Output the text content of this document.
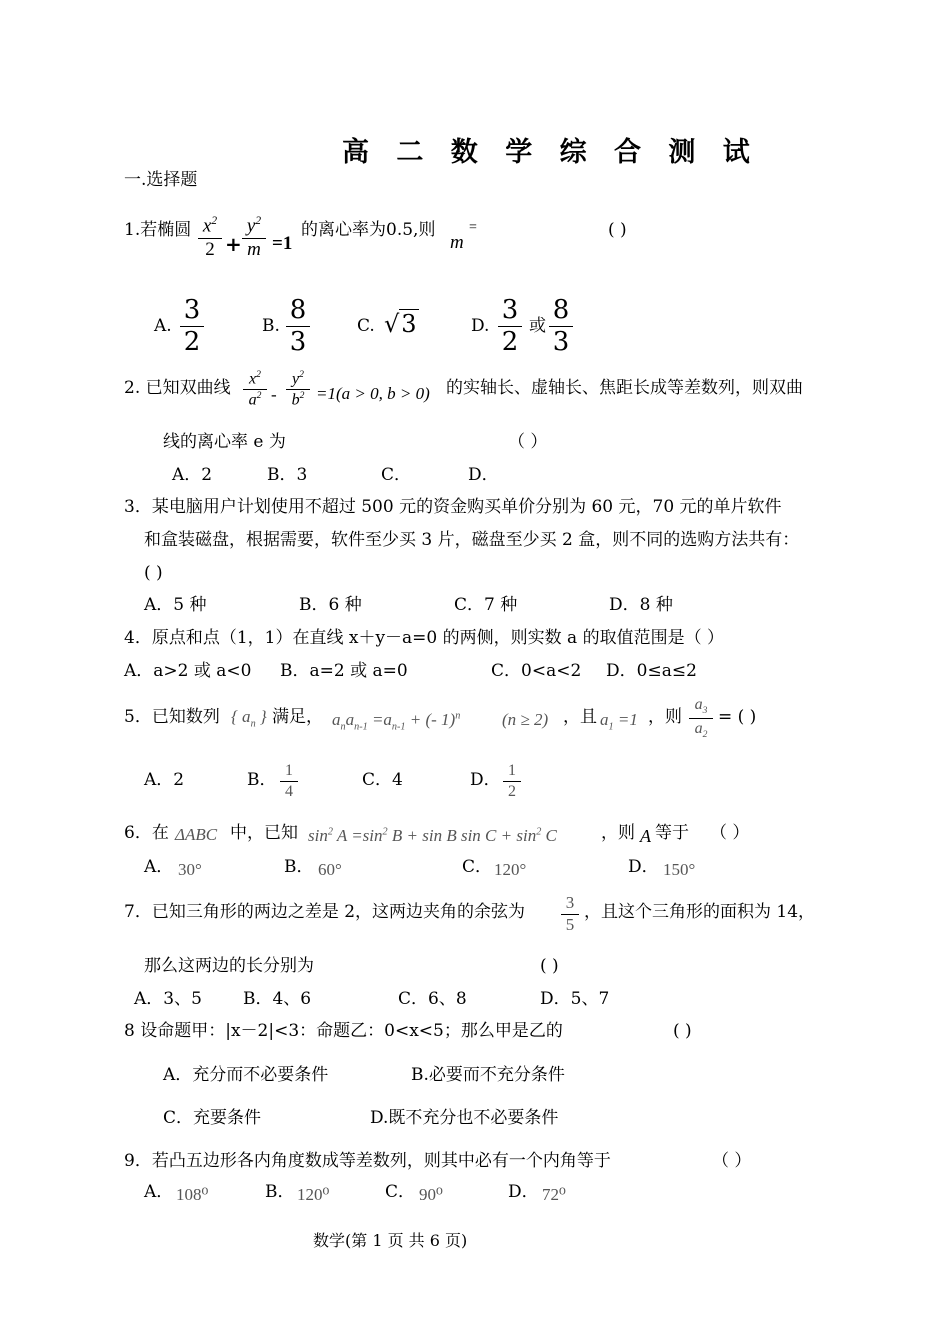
高 二 数 学 综 合 测 试
一.选择题
1.若椭圆 $x^2$
2 +
$y^2$
m =1
的离心率为0.5,则
m
=	( )
A.
3
2
B.
8
3
C. √3	D.
3
2
或
8
3
2. 已知双曲线	$x^2$
$a^2$ -
$y^2$
$b^2 =1(a > 0$, b > 0) 的实轴长、虚轴长、焦距长成等差数列，则双曲
线的离心率 e 为	（ ）
A．2	B．3	C．	D．
3．某电脑用户计划使用不超过 500 元的资金购买单价分别为 60 元，70 元的单片软件
和盒装磁盘，根据需要，软件至少买 3 片，磁盘至少买 2 盒，则不同的选购方法共有：
( )
A．5 种	B．6 种	C．7 种	D．8 种
4．原点和点（1，1）在直线 x＋y－a=0 的两侧，则实数 a 的取值范围是（ ）
A．a>2 或 a<0 B．a=2 或 a=0	C．0<a<2 D．0≤a≤2
5．已知数列 { $a_n$ } 满足， $a_na_{n-1} =a_{n-1}$ + (- 1)$^n$ (n ≥ 2) ，且 $a_1 =1$ ，则
$a_3$
$a_2$
= ( )
A．2	B． 1
4
C．4	D． 1
2
6．在 ΔABC 中，已知 $\sin^2 A =\sin^2$ B + sin B $\sin C + \sin^2 C$	，则 A 等于 （ ）
A． 30°	B． 60°	C． 120°	D． 150°
7．已知三角形的两边之差是 2，这两边夹角的余弦为 3
5
，且这个三角形的面积为 14，
那么这两边的长分别为	( )
A．3、5 B．4、6	C．6、8	D．5、7
8 设命题甲：|x－2|<3：命题乙：0<x<5；那么甲是乙的	( )
A．充分而不必要条件	B.必要而不充分条件
C．充要条件	D.既不充分也不必要条件
9．若凸五边形各内角度数成等差数列，则其中必有一个内角等于	（ ）
A． 108⁰	B． 120⁰	C． 90⁰	D． 72⁰
数学(第 1 页 共 6 页)
